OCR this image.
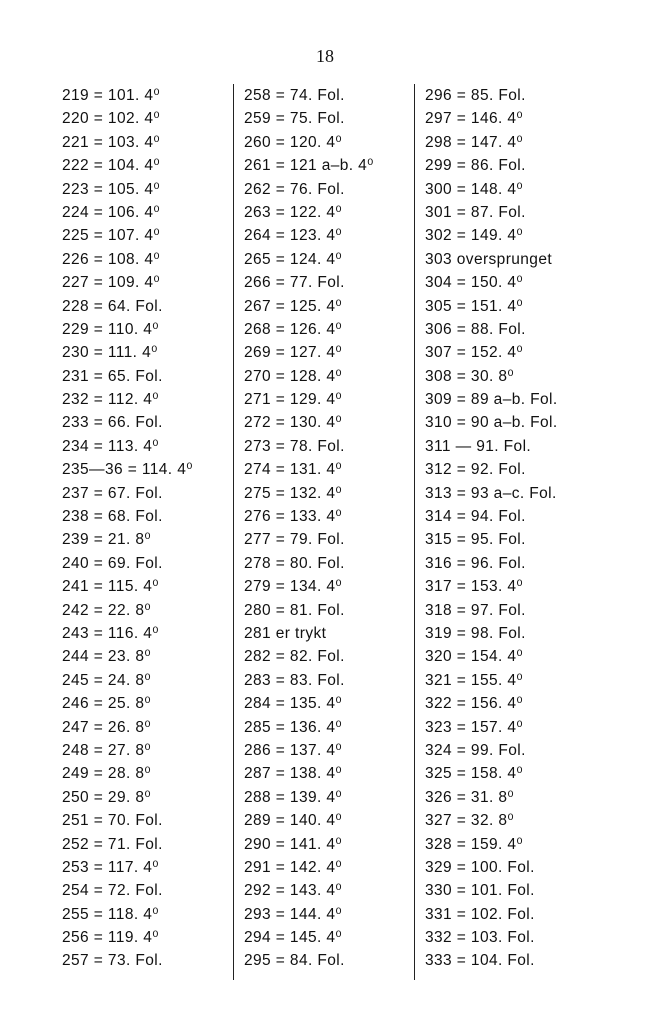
18
219 = 101. 4⁰
220 = 102. 4⁰
221 = 103. 4⁰
222 = 104. 4⁰
223 = 105. 4⁰
224 = 106. 4⁰
225 = 107. 4⁰
226 = 108. 4⁰
227 = 109. 4⁰
228 = 64. Fol.
229 = 110. 4⁰
230 = 111. 4⁰
231 = 65. Fol.
232 = 112. 4⁰
233 = 66. Fol.
234 = 113. 4⁰
235—36 = 114. 4⁰
237 = 67. Fol.
238 = 68. Fol.
239 = 21. 8⁰
240 = 69. Fol.
241 = 115. 4⁰
242 = 22. 8⁰
243 = 116. 4⁰
244 = 23. 8⁰
245 = 24. 8⁰
246 = 25. 8⁰
247 = 26. 8⁰
248 = 27. 8⁰
249 = 28. 8⁰
250 = 29. 8⁰
251 = 70. Fol.
252 = 71. Fol.
253 = 117. 4⁰
254 = 72. Fol.
255 = 118. 4⁰
256 = 119. 4⁰
257 = 73. Fol.
258 = 74. Fol.
259 = 75. Fol.
260 = 120. 4⁰
261 = 121 a–b. 4⁰
262 = 76. Fol.
263 = 122. 4⁰
264 = 123. 4⁰
265 = 124. 4⁰
266 = 77. Fol.
267 = 125. 4⁰
268 = 126. 4⁰
269 = 127. 4⁰
270 = 128. 4⁰
271 = 129. 4⁰
272 = 130. 4⁰
273 = 78. Fol.
274 = 131. 4⁰
275 = 132. 4⁰
276 = 133. 4⁰
277 = 79. Fol.
278 = 80. Fol.
279 = 134. 4⁰
280 = 81. Fol.
281 er trykt
282 = 82. Fol.
283 = 83. Fol.
284 = 135. 4⁰
285 = 136. 4⁰
286 = 137. 4⁰
287 = 138. 4⁰
288 = 139. 4⁰
289 = 140. 4⁰
290 = 141. 4⁰
291 = 142. 4⁰
292 = 143. 4⁰
293 = 144. 4⁰
294 = 145. 4⁰
295 = 84. Fol.
296 = 85. Fol.
297 = 146. 4⁰
298 = 147. 4⁰
299 = 86. Fol.
300 = 148. 4⁰
301 = 87. Fol.
302 = 149. 4⁰
303 oversprunget
304 = 150. 4⁰
305 = 151. 4⁰
306 = 88. Fol.
307 = 152. 4⁰
308 = 30. 8⁰
309 = 89 a–b. Fol.
310 = 90 a–b. Fol.
311 — 91. Fol.
312 = 92. Fol.
313 = 93 a–c. Fol.
314 = 94. Fol.
315 = 95. Fol.
316 = 96. Fol.
317 = 153. 4⁰
318 = 97. Fol.
319 = 98. Fol.
320 = 154. 4⁰
321 = 155. 4⁰
322 = 156. 4⁰
323 = 157. 4⁰
324 = 99. Fol.
325 = 158. 4⁰
326 = 31. 8⁰
327 = 32. 8⁰
328 = 159. 4⁰
329 = 100. Fol.
330 = 101. Fol.
331 = 102. Fol.
332 = 103. Fol.
333 = 104. Fol.
